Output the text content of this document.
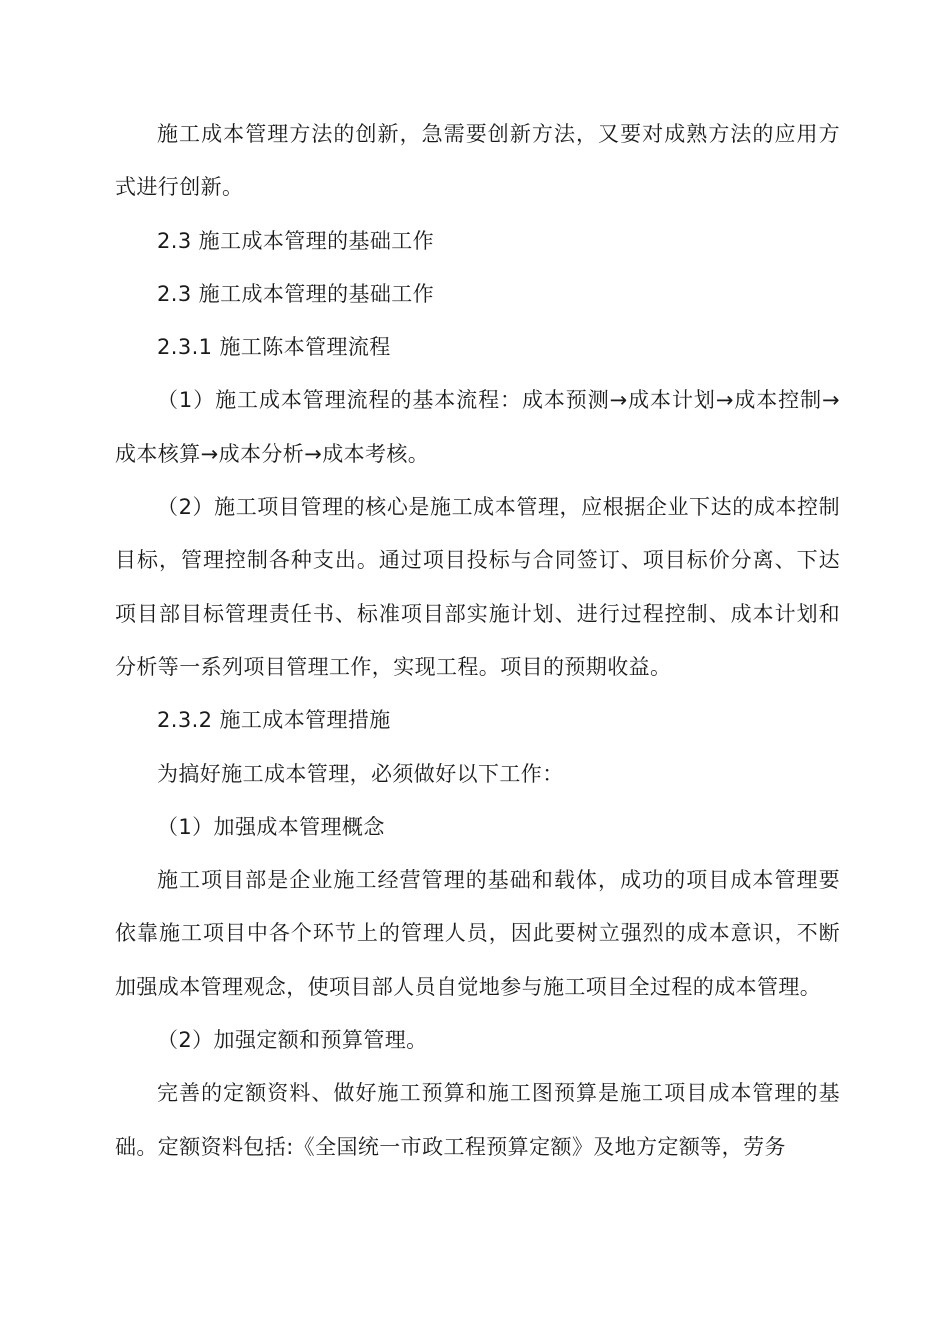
施工成本管理方法的创新，急需要创新方法，又要对成熟方法的应用方式进行创新。

2.3 施工成本管理的基础工作

2.3 施工成本管理的基础工作

2.3.1 施工陈本管理流程

（1）施工成本管理流程的基本流程：成本预测→成本计划→成本控制→成本核算→成本分析→成本考核。

（2）施工项目管理的核心是施工成本管理，应根据企业下达的成本控制目标，管理控制各种支出。通过项目投标与合同签订、项目标价分离、下达项目部目标管理责任书、标准项目部实施计划、进行过程控制、成本计划和分析等一系列项目管理工作，实现工程。项目的预期收益。

2.3.2 施工成本管理措施

为搞好施工成本管理，必须做好以下工作：

（1）加强成本管理概念

施工项目部是企业施工经营管理的基础和载体，成功的项目成本管理要依靠施工项目中各个环节上的管理人员，因此要树立强烈的成本意识，不断加强成本管理观念，使项目部人员自觉地参与施工项目全过程的成本管理。

（2）加强定额和预算管理。

完善的定额资料、做好施工预算和施工图预算是施工项目成本管理的基础。定额资料包括:《全国统一市政工程预算定额》及地方定额等，劳务
